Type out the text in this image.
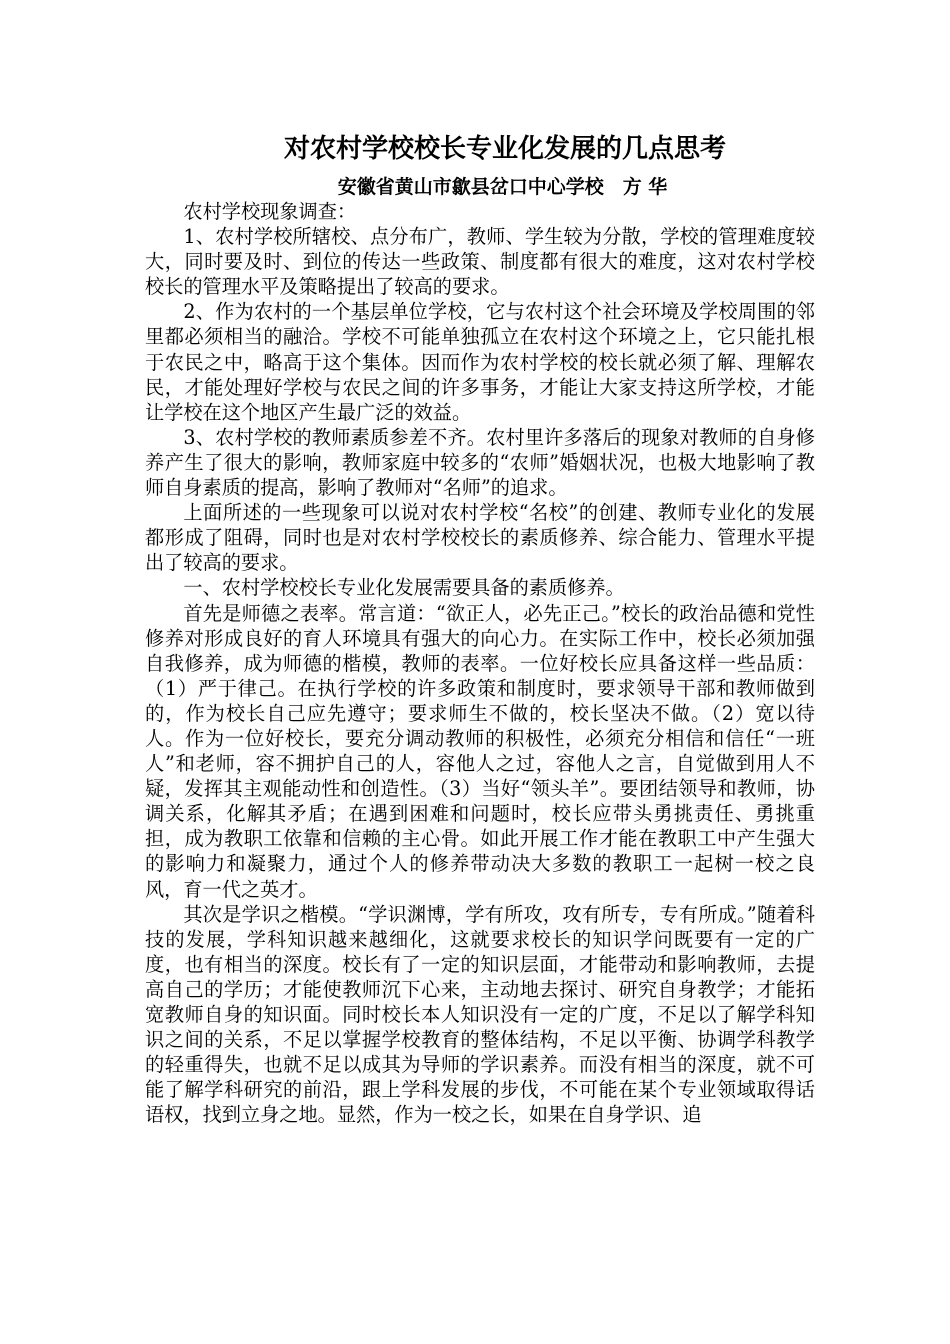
对农村学校校长专业化发展的几点思考
安徽省黄山市歙县岔口中心学校　方 华

农村学校现象调查：

1、农村学校所辖校、点分布广，教师、学生较为分散，学校的管理难度较大，同时要及时、到位的传达一些政策、制度都有很大的难度，这对农村学校校长的管理水平及策略提出了较高的要求。

2、作为农村的一个基层单位学校，它与农村这个社会环境及学校周围的邻里都必须相当的融洽。学校不可能单独孤立在农村这个环境之上，它只能扎根于农民之中，略高于这个集体。因而作为农村学校的校长就必须了解、理解农民，才能处理好学校与农民之间的许多事务，才能让大家支持这所学校，才能让学校在这个地区产生最广泛的效益。

3、农村学校的教师素质参差不齐。农村里许多落后的现象对教师的自身修养产生了很大的影响，教师家庭中较多的“农师”婚姻状况，也极大地影响了教师自身素质的提高，影响了教师对“名师”的追求。

上面所述的一些现象可以说对农村学校“名校”的创建、教师专业化的发展都形成了阻碍，同时也是对农村学校校长的素质修养、综合能力、管理水平提出了较高的要求。

一、农村学校校长专业化发展需要具备的素质修养。

首先是师德之表率。常言道：“欲正人，必先正己。”校长的政治品德和党性修养对形成良好的育人环境具有强大的向心力。在实际工作中，校长必须加强自我修养，成为师德的楷模，教师的表率。一位好校长应具备这样一些品质：（1）严于律己。在执行学校的许多政策和制度时，要求领导干部和教师做到的，作为校长自己应先遵守；要求师生不做的，校长坚决不做。（2）宽以待人。作为一位好校长，要充分调动教师的积极性，必须充分相信和信任“一班人”和老师，容不拥护自己的人，容他人之过，容他人之言，自觉做到用人不疑，发挥其主观能动性和创造性。（3）当好“领头羊”。要团结领导和教师，协调关系，化解其矛盾；在遇到困难和问题时，校长应带头勇挑责任、勇挑重担，成为教职工依靠和信赖的主心骨。如此开展工作才能在教职工中产生强大的影响力和凝聚力，通过个人的修养带动决大多数的教职工一起树一校之良风，育一代之英才。

其次是学识之楷模。“学识渊博，学有所攻，攻有所专，专有所成。”随着科技的发展，学科知识越来越细化，这就要求校长的知识学问既要有一定的广度，也有相当的深度。校长有了一定的知识层面，才能带动和影响教师，去提高自己的学历；才能使教师沉下心来，主动地去探讨、研究自身教学；才能拓宽教师自身的知识面。同时校长本人知识没有一定的广度，不足以了解学科知识之间的关系，不足以掌握学校教育的整体结构，不足以平衡、协调学科教学的轻重得失，也就不足以成其为导师的学识素养。而没有相当的深度，就不可能了解学科研究的前沿，跟上学科发展的步伐，不可能在某个专业领域取得话语权，找到立身之地。显然，作为一校之长，如果在自身学识、追
